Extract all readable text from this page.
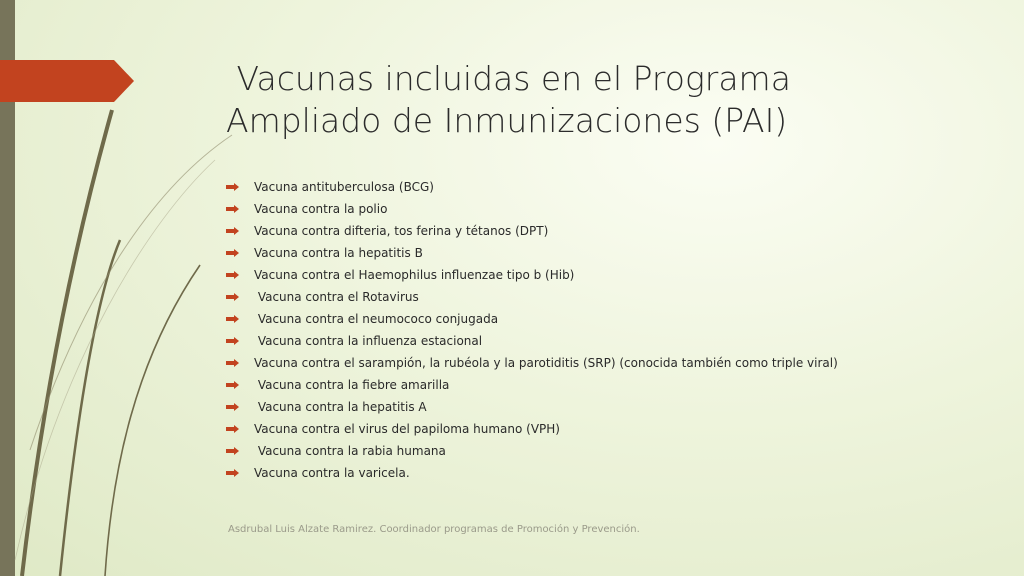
Vacunas incluidas en el Programa
Ampliado de Inmunizaciones (PAI)
Vacuna antituberculosa (BCG)
Vacuna contra la polio
Vacuna contra difteria, tos ferina y tétanos (DPT)
Vacuna contra la hepatitis B
Vacuna contra el Haemophilus influenzae tipo b (Hib)
Vacuna contra el Rotavirus
Vacuna contra el neumococo conjugada
Vacuna contra la influenza estacional
Vacuna contra el sarampión, la rubéola y la parotiditis (SRP) (conocida también como triple viral)
Vacuna contra la fiebre amarilla
Vacuna contra la hepatitis A
Vacuna contra el virus del papiloma humano (VPH)
Vacuna contra la rabia humana
Vacuna contra la varicela.
Asdrubal Luis Alzate Ramirez. Coordinador programas de Promoción y Prevención.
